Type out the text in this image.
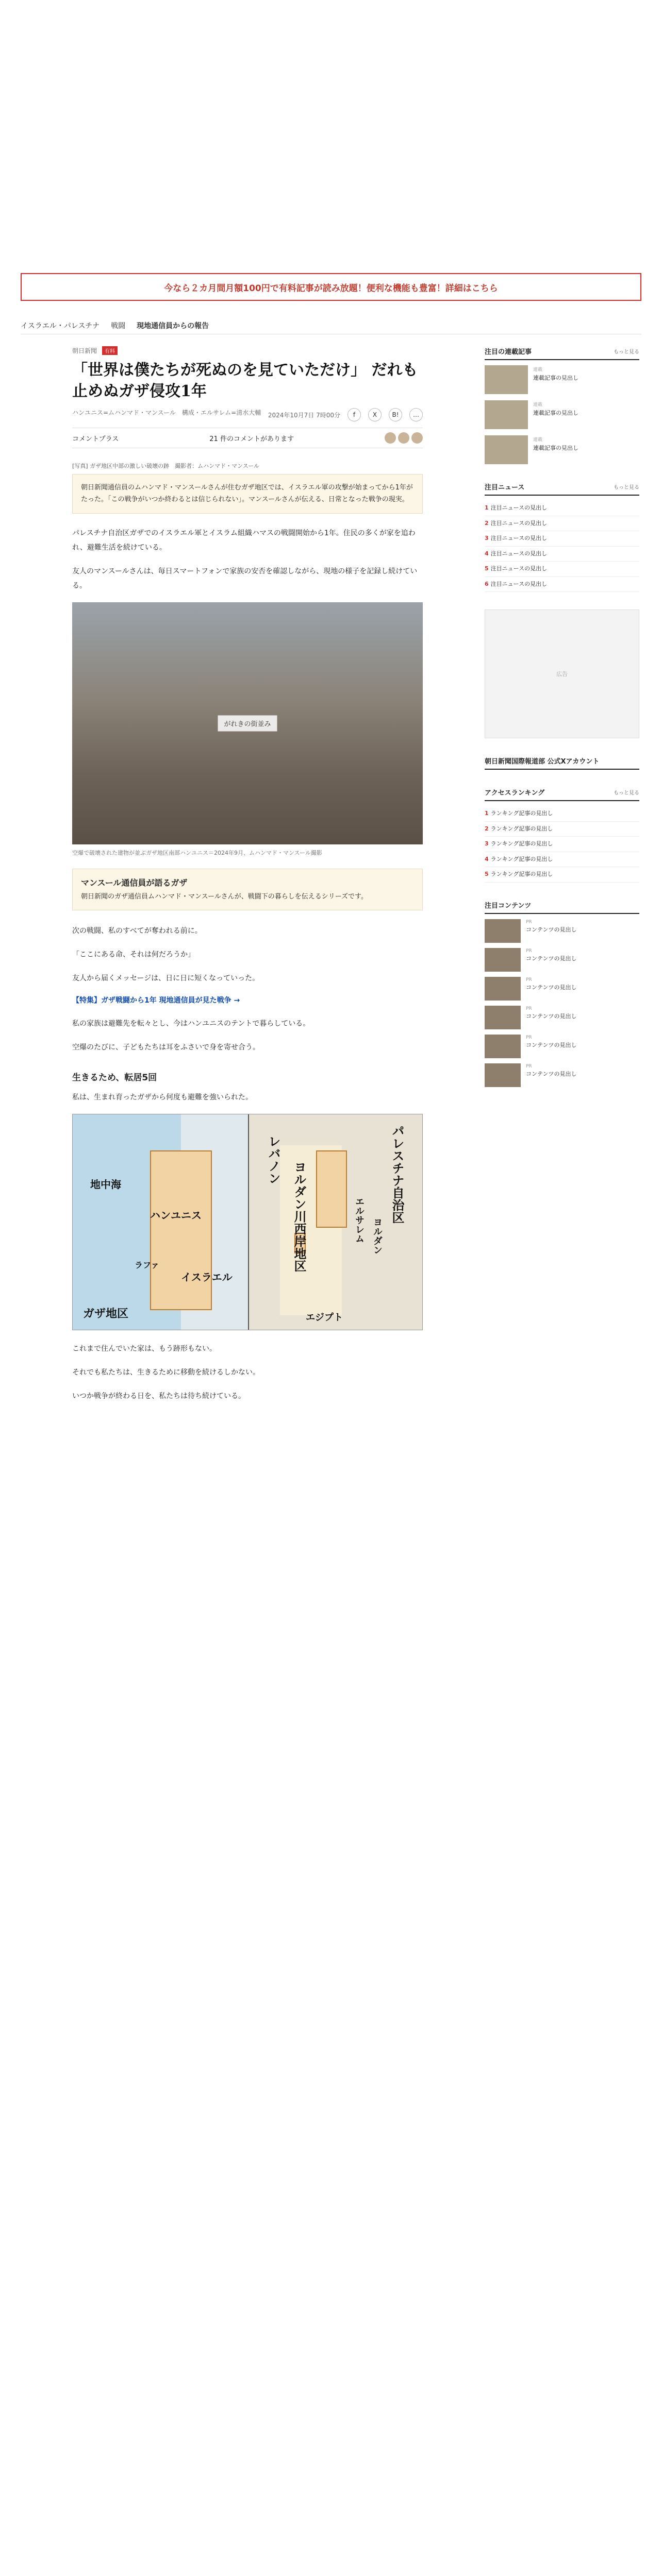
今なら２カ月間月額100円で有料記事が読み放題！便利な機能も豊富！詳細はこちら
イスラエル・パレスチナ 戦闘 現地通信員からの報告
朝日新聞	有料
「世界は僕たちが死ぬのを見ていただけ」 だれも止めぬガザ侵攻1年
ハンユニス=ムハンマド・マンスール　構成・エルサレム=清水大輔 2024年10月7日 7時00分	f	X	B!	…
コメントプラス	21 件のコメントがあります

[写真] ガザ地区中部の激しい破壊の跡　撮影者：ムハンマド・マンスール

朝日新聞通信員のムハンマド・マンスールさんが住むガザ地区では、イスラエル軍の攻撃が始まってから1年がたった。「この戦争がいつか終わるとは信じられない」。マンスールさんが伝える、日常となった戦争の現実。

パレスチナ自治区ガザでのイスラエル軍とイスラム組織ハマスの戦闘開始から1年。住民の多くが家を追われ、避難生活を続けている。

友人のマンスールさんは、毎日スマートフォンで家族の安否を確認しながら、現地の様子を記録し続けている。

がれきの街並み

空爆で破壊された建物が並ぶガザ地区南部ハンユニス＝2024年9月、ムハンマド・マンスール撮影

マンスール通信員が語るガザ
朝日新聞のガザ通信員ムハンマド・マンスールさんが、戦闘下の暮らしを伝えるシリーズです。

次の戦闘、私のすべてが奪われる前に。

「ここにある命、それは何だろうか」

友人から届くメッセージは、日に日に短くなっていった。

【特集】ガザ戦闘から1年 現地通信員が見た戦争 →

私の家族は避難先を転々とし、今はハンユニスのテントで暮らしている。

空爆のたびに、子どもたちは耳をふさいで身を寄せ合う。

生きるため、転居5回

私は、生まれ育ったガザから何度も避難を強いられた。

地中海
ハンユニス
ラファ
イスラエル
ガザ地区
レバノン
ヨルダン川西岸地区	パレスチナ自治区
エルサレム ヨルダン
エジプト

これまで住んでいた家は、もう跡形もない。

それでも私たちは、生きるために移動を続けるしかない。

いつか戦争が終わる日を、私たちは待ち続けている。

注目の連載記事	もっと見る
連載
連載記事の見出し
連載
連載記事の見出し
連載
連載記事の見出し
注目ニュース	もっと見る
1 注目ニュースの見出し
2 注目ニュースの見出し
3 注目ニュースの見出し
4 注目ニュースの見出し
5 注目ニュースの見出し
6 注目ニュースの見出し
広告
朝日新聞国際報道部 公式Xアカウント
アクセスランキング	もっと見る
1 ランキング記事の見出し
2 ランキング記事の見出し
3 ランキング記事の見出し
4 ランキング記事の見出し
5 ランキング記事の見出し
注目コンテンツ
PR
コンテンツの見出し
PR
コンテンツの見出し
PR
コンテンツの見出し
PR
コンテンツの見出し
PR
コンテンツの見出し
PR
コンテンツの見出し
